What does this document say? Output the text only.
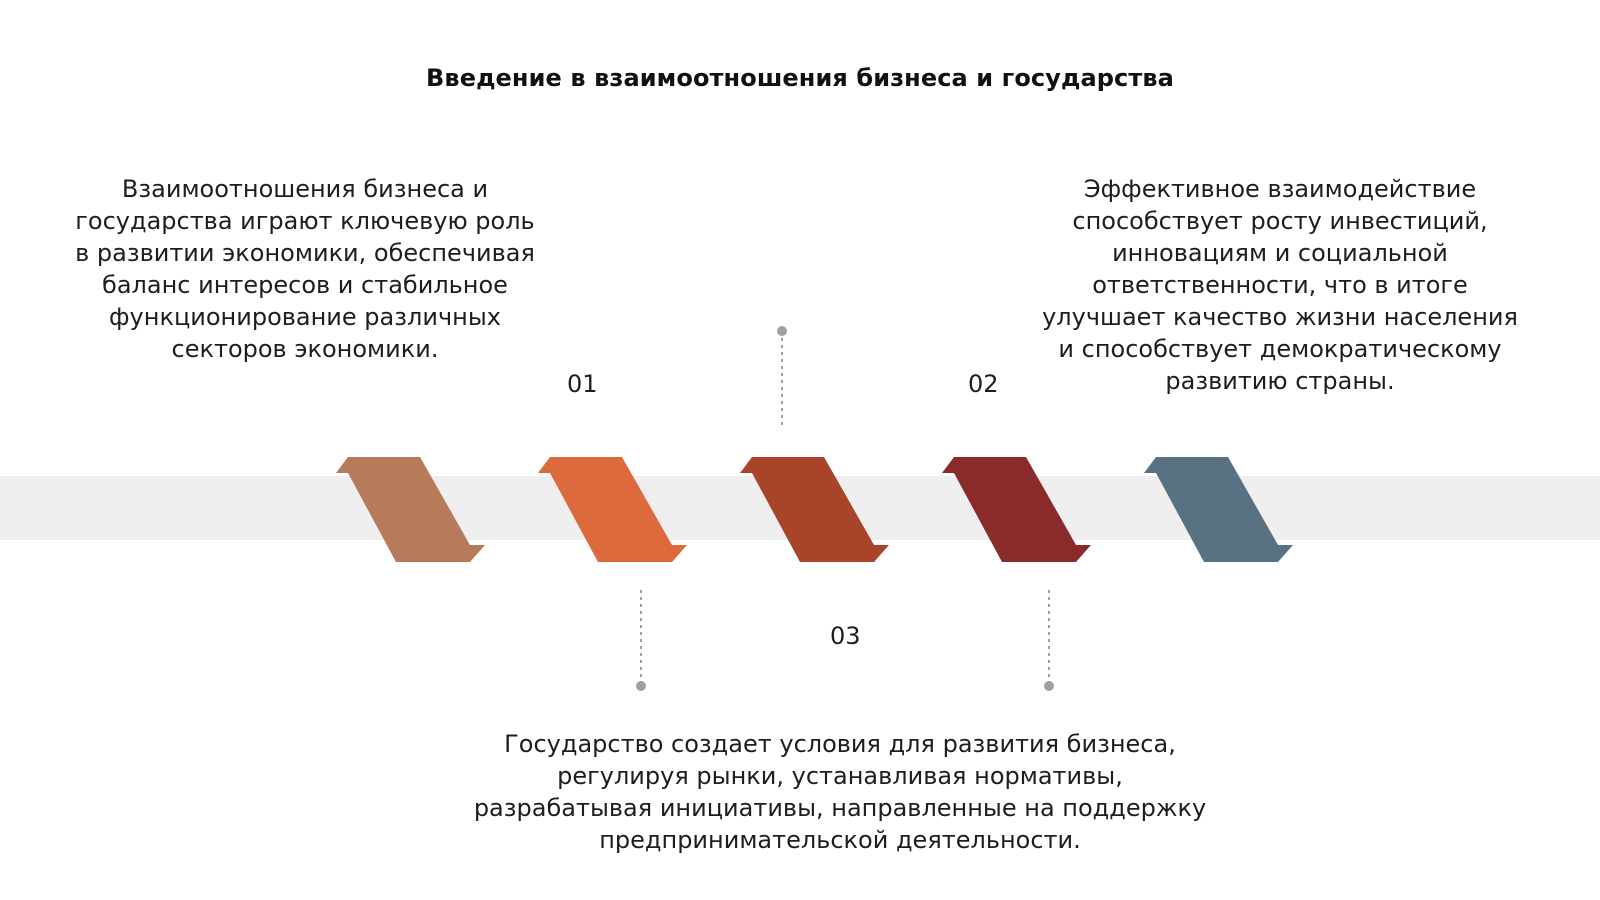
Введение в взаимоотношения бизнеса и государства
Взаимоотношения бизнеса и государства играют ключевую роль в развитии экономики, обеспечивая баланс интересов и стабильное функционирование различных секторов экономики.
Эффективное взаимодействие способствует росту инвестиций, инновациям и социальной ответственности, что в итоге улучшает качество жизни населения и способствует демократическому развитию страны.
Государство создает условия для развития бизнеса, регулируя рынки, устанавливая нормативы, разрабатывая инициативы, направленные на поддержку предпринимательской деятельности.
01	02
03
